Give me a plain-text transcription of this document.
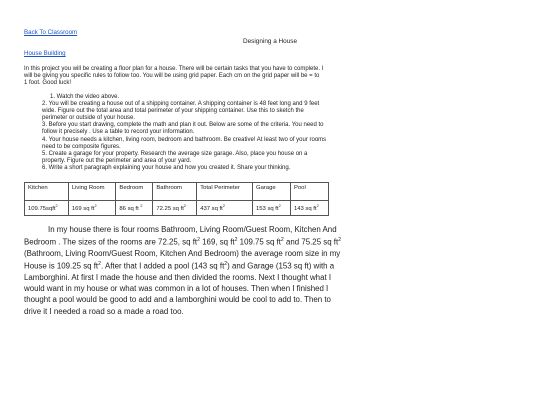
Back To Classroom
Designing a House
House Building

In this project you will be creating a floor plan for a house. There will be certain tasks that you have to complete. I will be giving you specific rules to follow too. You will be using grid paper. Each cm on the grid paper will be = to 1 foot. Good luck!

1. Watch the video above.
2. You will be creating a house out of a shipping container. A shipping container is 48 feet long and 9 feet wide. Figure out the total area and total perimeter of your shipping container. Use this to sketch the perimeter or outside of your house.
3. Before you start drawing, complete the math and plan it out. Below are some of the criteria. You need to follow it precisely . Use a table to record your information.
4. Your house needs a kitchen, living room, bedroom and bathroom. Be creative! At least two of your rooms need to be composite figures.
5. Create a garage for your property. Research the average size garage. Also, place you house on a property. Figure out the perimeter and area of your yard.
6. Write a short paragraph explaining your house and how you created it. Share your thinking.
Kitchen	Living Room	Bedroom	Bathroom	Total Perimeter	Garage	Pool
109.75sqft$^2$	169 sq $ft^2$	86 sq ft $^2$	72.25 sq $ft^2$	437 sq $ft^2$	153 sq $ft^2$	143 sq $ft^2$

In my house there is four rooms Bathroom, Living Room/Guest Room, Kitchen And Bedroom . The sizes of the rooms are 72.25, sq $ft^2$ 169, sq $ft^2$ 109.75 sq $ft^2$ and 75.25 sq $ft^2$ (Bathroom, Living Room/Guest Room, Kitchen And Bedroom) the average room size in my House is 109.25 sq $ft^2$. After that I added a pool (143 sq $ft^2$) and Garage (153 sq ft) with a Lamborghini. At first I made the house and then divided the rooms. Next I thought what I would want in my house or what was common in a lot of houses. Then when I finished I thought a pool would be good to add and a lamborghini would be cool to add to. Then to drive it I needed a road so a made a road too.
